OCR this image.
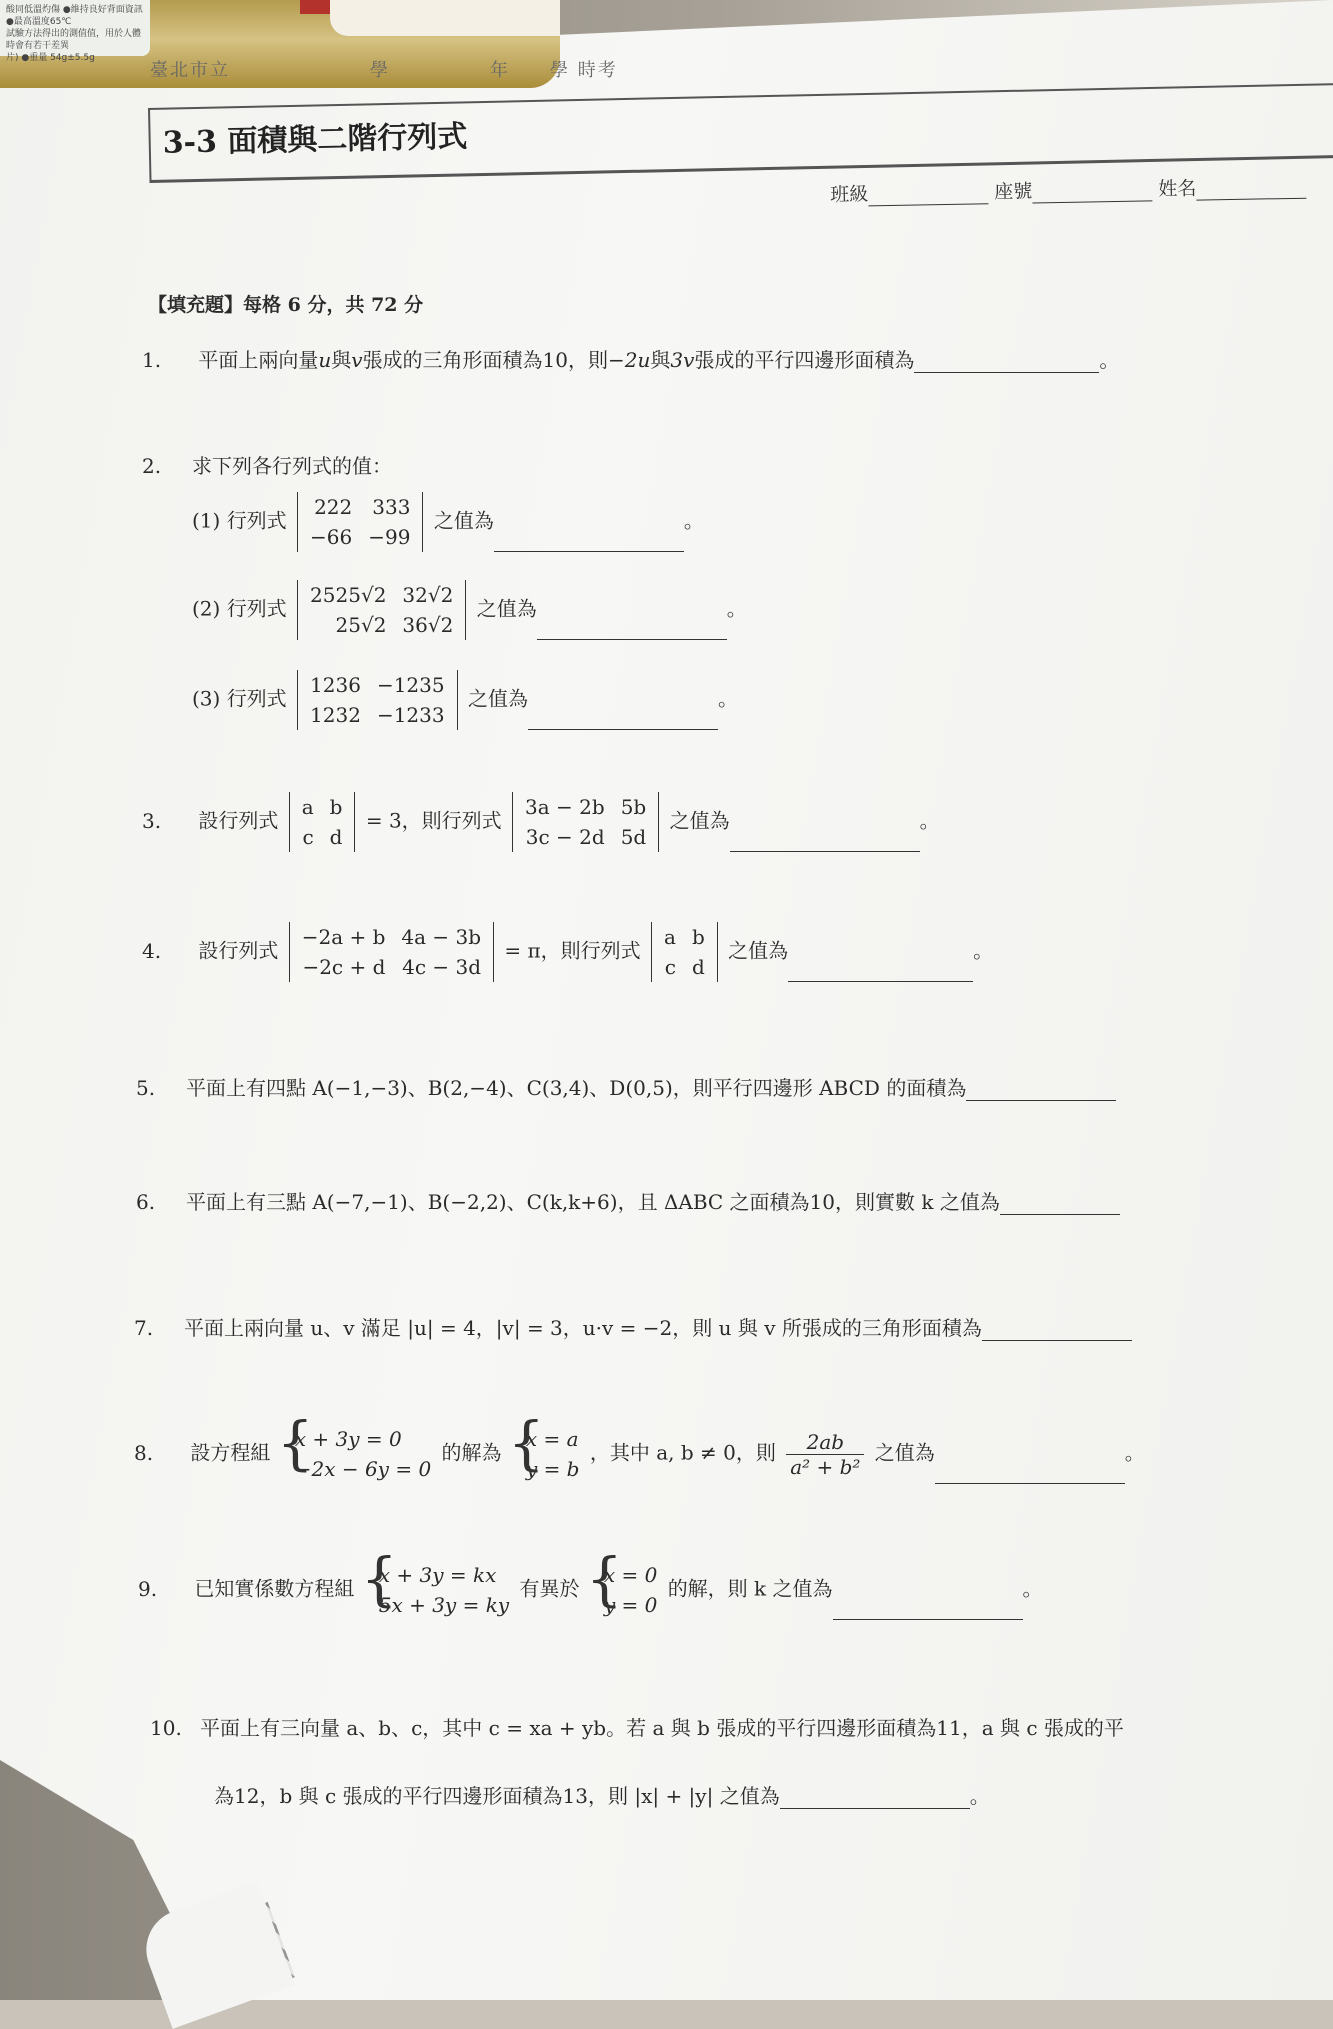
酸同低溫灼傷 ●維持良好背面資訊 ●最高溫度65℃
試驗方法得出的測值值，用於人體時會有若干差異
片) ●重量 54g±5.5g
臺北市立　　　　　　　學　　　　　年　　學 時考
3-3 面積與二階行列式
班級	座號	姓名
【填充題】每格 6 分，共 72 分
1. 平面上兩向量u與v張成的三角形面積為10，則−2u與3v張成的平行四邊形面積為	。
2. 求下列各行列式的值：
(1) 行列式
222	333
−66	−99
之值為	。
(2) 行列式
2525√2	32√2
25√2	36√2
之值為	。
(3) 行列式
1236	−1235
1232	−1233
之值為	。
3. 設行列式
a	b
c	d
= 3，則行列式
3a − 2b	5b
3c − 2d	5d
之值為	。
4. 設行列式
−2a + b	4a − 3b
−2c + d	4c − 3d
= π，則行列式
a	b
c	d
之值為	。
5. 平面上有四點 A(−1,−3)、B(2,−4)、C(3,4)、D(0,5)，則平行四邊形 ABCD 的面積為
6. 平面上有三點 A(−7,−1)、B(−2,2)、C(k,k+6)，且 ΔABC 之面積為10，則實數 k 之值為
7. 平面上兩向量 u、v 滿足 |u| = 4，|v| = 3，u·v = −2，則 u 與 v 所張成的三角形面積為
8. 設方程組
{ x + 3y = 0
−2x − 6y = 0
的解為
{ x = a
y = b
，其中 a, b ≠ 0，則 $\frac{2ab}{\text{a² + b²}}$ 之值為	。
9. 已知實係數方程組
{ x + 3y = kx
5x + 3y = ky
有異於
{ x = 0
y = 0
的解，則 k 之值為	。
10. 平面上有三向量 a、b、c，其中 c = xa + yb。若 a 與 b 張成的平行四邊形面積為11，a 與 c 張成的平
為12，b 與 c 張成的平行四邊形面積為13，則 |x| + |y| 之值為	。
